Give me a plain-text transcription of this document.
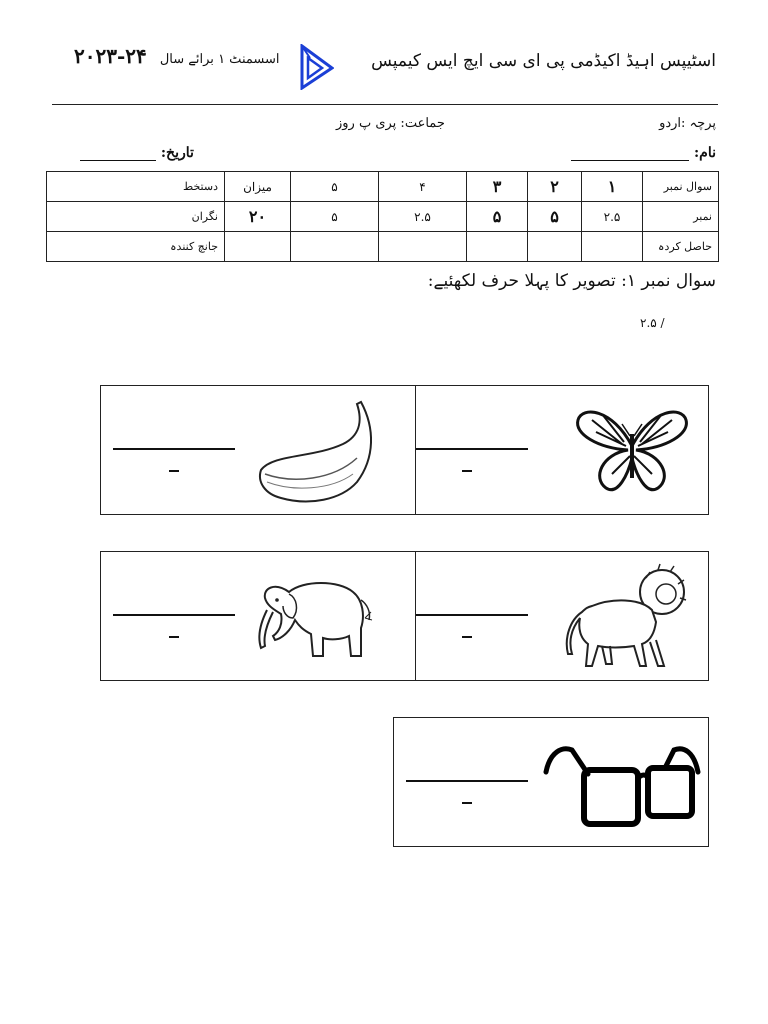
اسٹیپس اہیڈ اکیڈمی پی ای سی ایچ ایس کیمپس
۲۰۲۳-۲۴ اسسمنٹ ۱ برائے سال
پرچہ :اردو
جماعت: پری پ روز
نام:
تاریخ:
سوال نمبر	۱	۲	۳	۴	۵	میزان	دستخط
نمبر	۲.۵	۵	۵	۲.۵	۵	۲۰	نگران
حاصل کردہ							جانچ کنندہ
سوال نمبر ۱: تصویر کا پہلا حرف لکھئیے:
/ ۲.۵
